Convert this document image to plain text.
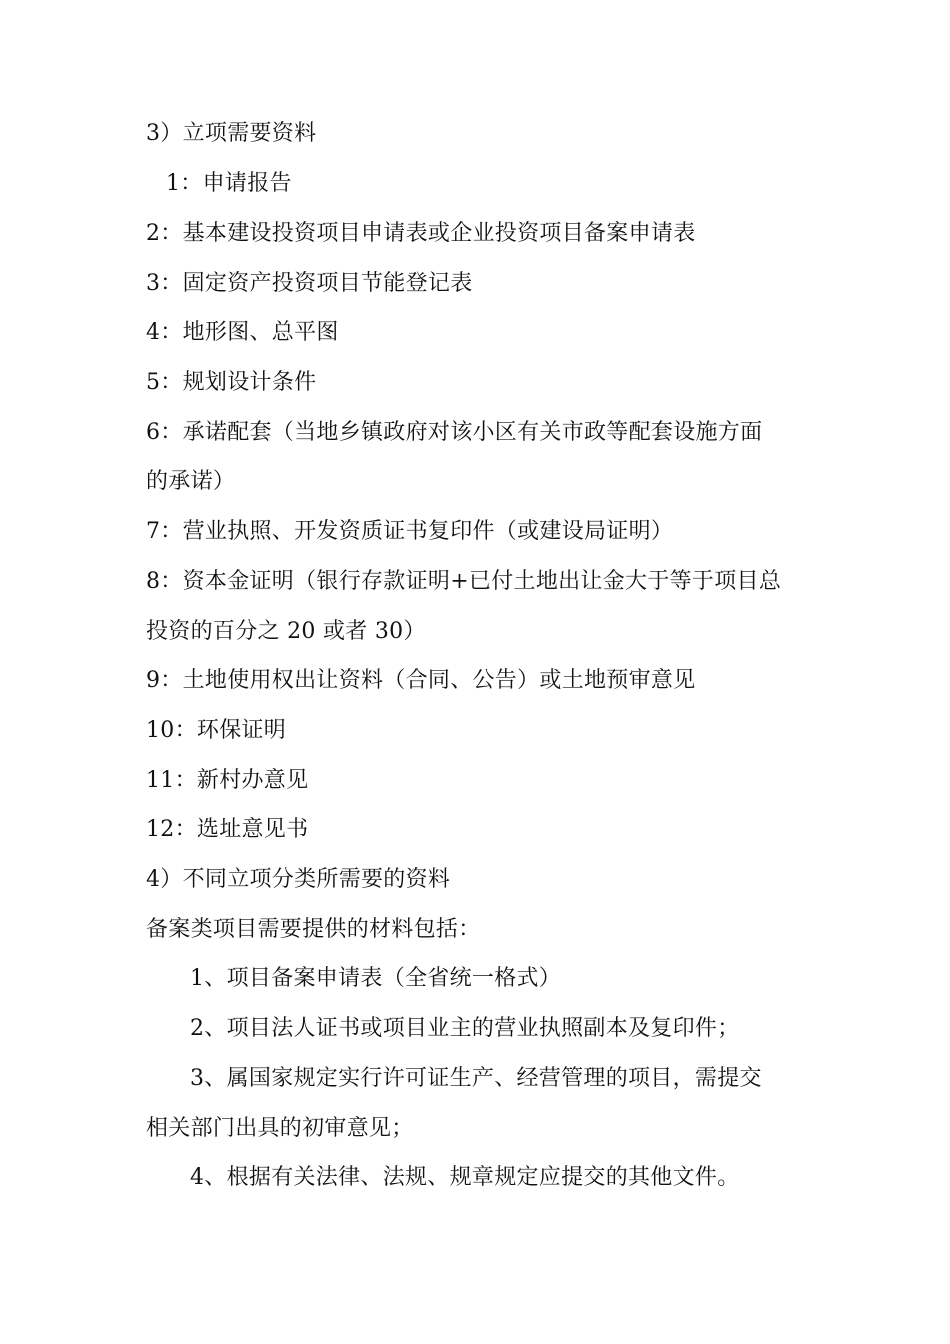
3）立项需要资料
1：申请报告
2：基本建设投资项目申请表或企业投资项目备案申请表
3：固定资产投资项目节能登记表
4：地形图、总平图
5：规划设计条件
6：承诺配套（当地乡镇政府对该小区有关市政等配套设施方面
的承诺）
7：营业执照、开发资质证书复印件（或建设局证明）
8：资本金证明（银行存款证明+已付土地出让金大于等于项目总
投资的百分之 20 或者 30）
9：土地使用权出让资料（合同、公告）或土地预审意见
10：环保证明
11：新村办意见
12：选址意见书
4）不同立项分类所需要的资料
备案类项目需要提供的材料包括：
1、项目备案申请表（全省统一格式）
2、项目法人证书或项目业主的营业执照副本及复印件；
3、属国家规定实行许可证生产、经营管理的项目，需提交
相关部门出具的初审意见；
4、根据有关法律、法规、规章规定应提交的其他文件。
